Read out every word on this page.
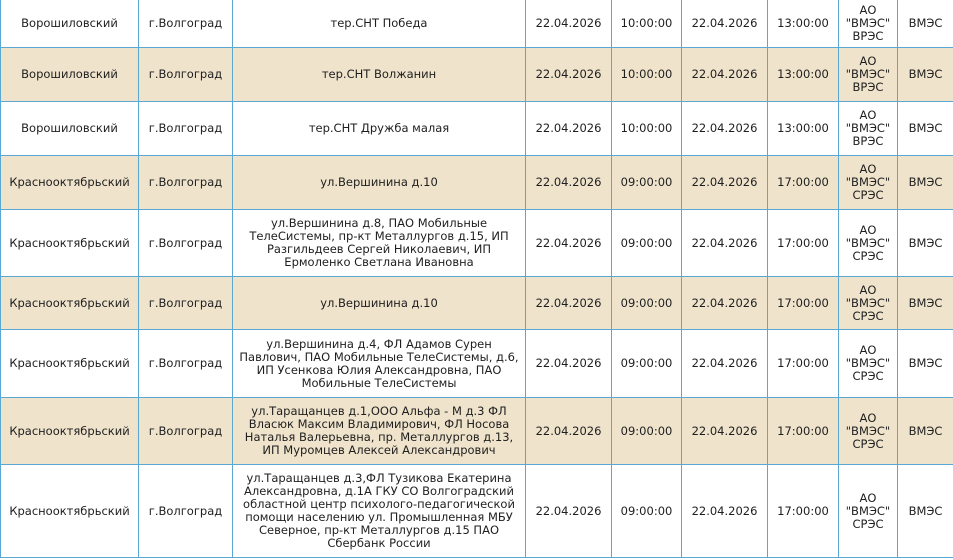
Ворошиловский	г.Волгоград	тер.СНТ Победа	22.04.2026	10:00:00	22.04.2026	13:00:00	АО "ВМЭС" ВРЭС	ВМЭС
Ворошиловский	г.Волгоград	тер.СНТ Волжанин	22.04.2026	10:00:00	22.04.2026	13:00:00	АО "ВМЭС" ВРЭС	ВМЭС
Ворошиловский	г.Волгоград	тер.СНТ Дружба малая	22.04.2026	10:00:00	22.04.2026	13:00:00	АО "ВМЭС" ВРЭС	ВМЭС
Краснооктябрьский	г.Волгоград	ул.Вершинина д.10	22.04.2026	09:00:00	22.04.2026	17:00:00	АО "ВМЭС" СРЭС	ВМЭС
Краснооктябрьский	г.Волгоград	ул.Вершинина д.8, ПАО Мобильные ТелеСистемы, пр-кт Металлургов д.15, ИП Разгильдеев Сергей Николаевич, ИП Ермоленко Светлана Ивановна	22.04.2026	09:00:00	22.04.2026	17:00:00	АО "ВМЭС" СРЭС	ВМЭС
Краснооктябрьский	г.Волгоград	ул.Вершинина д.10	22.04.2026	09:00:00	22.04.2026	17:00:00	АО "ВМЭС" СРЭС	ВМЭС
Краснооктябрьский	г.Волгоград	ул.Вершинина д.4, ФЛ Адамов Сурен Павлович, ПАО Мобильные ТелеСистемы, д.6, ИП Усенкова Юлия Александровна, ПАО Мобильные ТелеСистемы	22.04.2026	09:00:00	22.04.2026	17:00:00	АО "ВМЭС" СРЭС	ВМЭС
Краснооктябрьский	г.Волгоград	ул.Таращанцев д.1,ООО Альфа - М д.3 ФЛ Власюк Максим Владимирович, ФЛ Носова Наталья Валерьевна, пр. Металлургов д.13, ИП Муромцев Алексей Александрович	22.04.2026	09:00:00	22.04.2026	17:00:00	АО "ВМЭС" СРЭС	ВМЭС
Краснооктябрьский	г.Волгоград	ул.Таращанцев д.3,ФЛ Тузикова Екатерина Александровна, д.1А ГКУ СО Волгоградский областной центр психолого-педагогической помощи населению ул. Промышленная МБУ Северное, пр-кт Металлургов д.15 ПАО Сбербанк России	22.04.2026	09:00:00	22.04.2026	17:00:00	АО "ВМЭС" СРЭС	ВМЭС
